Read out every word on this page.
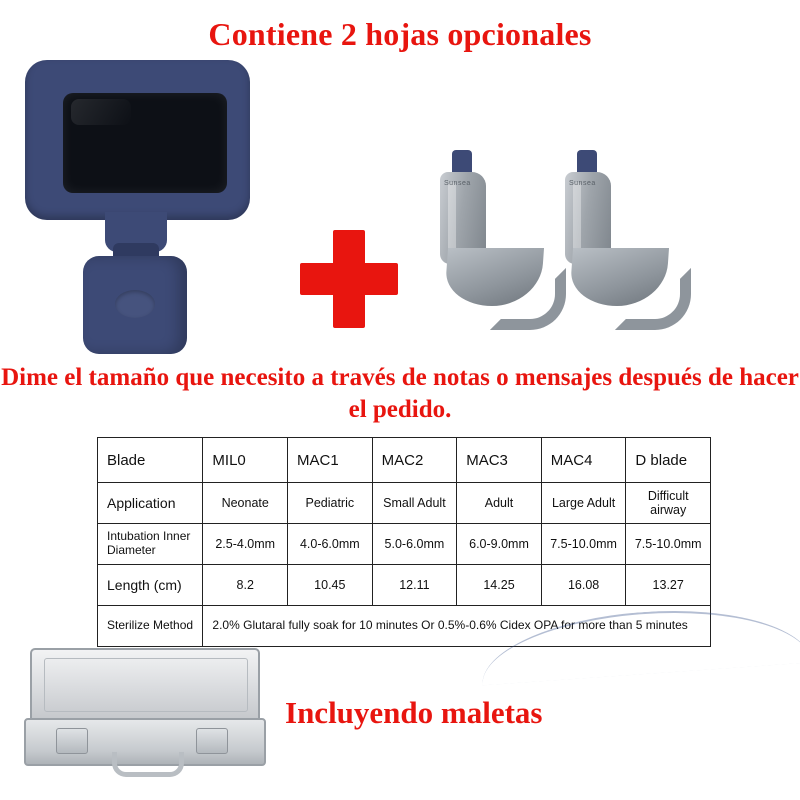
Contiene 2 hojas opcionales
Sunsea	Sunsea
Dime el tamaño que necesito a través de notas o mensajes después de hacer el pedido.
Blade	MIL0	MAC1	MAC2	MAC3	MAC4	D blade
Application	Neonate	Pediatric	Small Adult	Adult	Large Adult	Difficult airway
Intubation Inner Diameter	2.5-4.0mm	4.0-6.0mm	5.0-6.0mm	6.0-9.0mm	7.5-10.0mm	7.5-10.0mm
Length (cm)	8.2	10.45	12.11	14.25	16.08	13.27
Sterilize Method	2.0% Glutaral fully soak for 10 minutes Or 0.5%-0.6% Cidex OPA for more than 5 minutes					
Incluyendo maletas
